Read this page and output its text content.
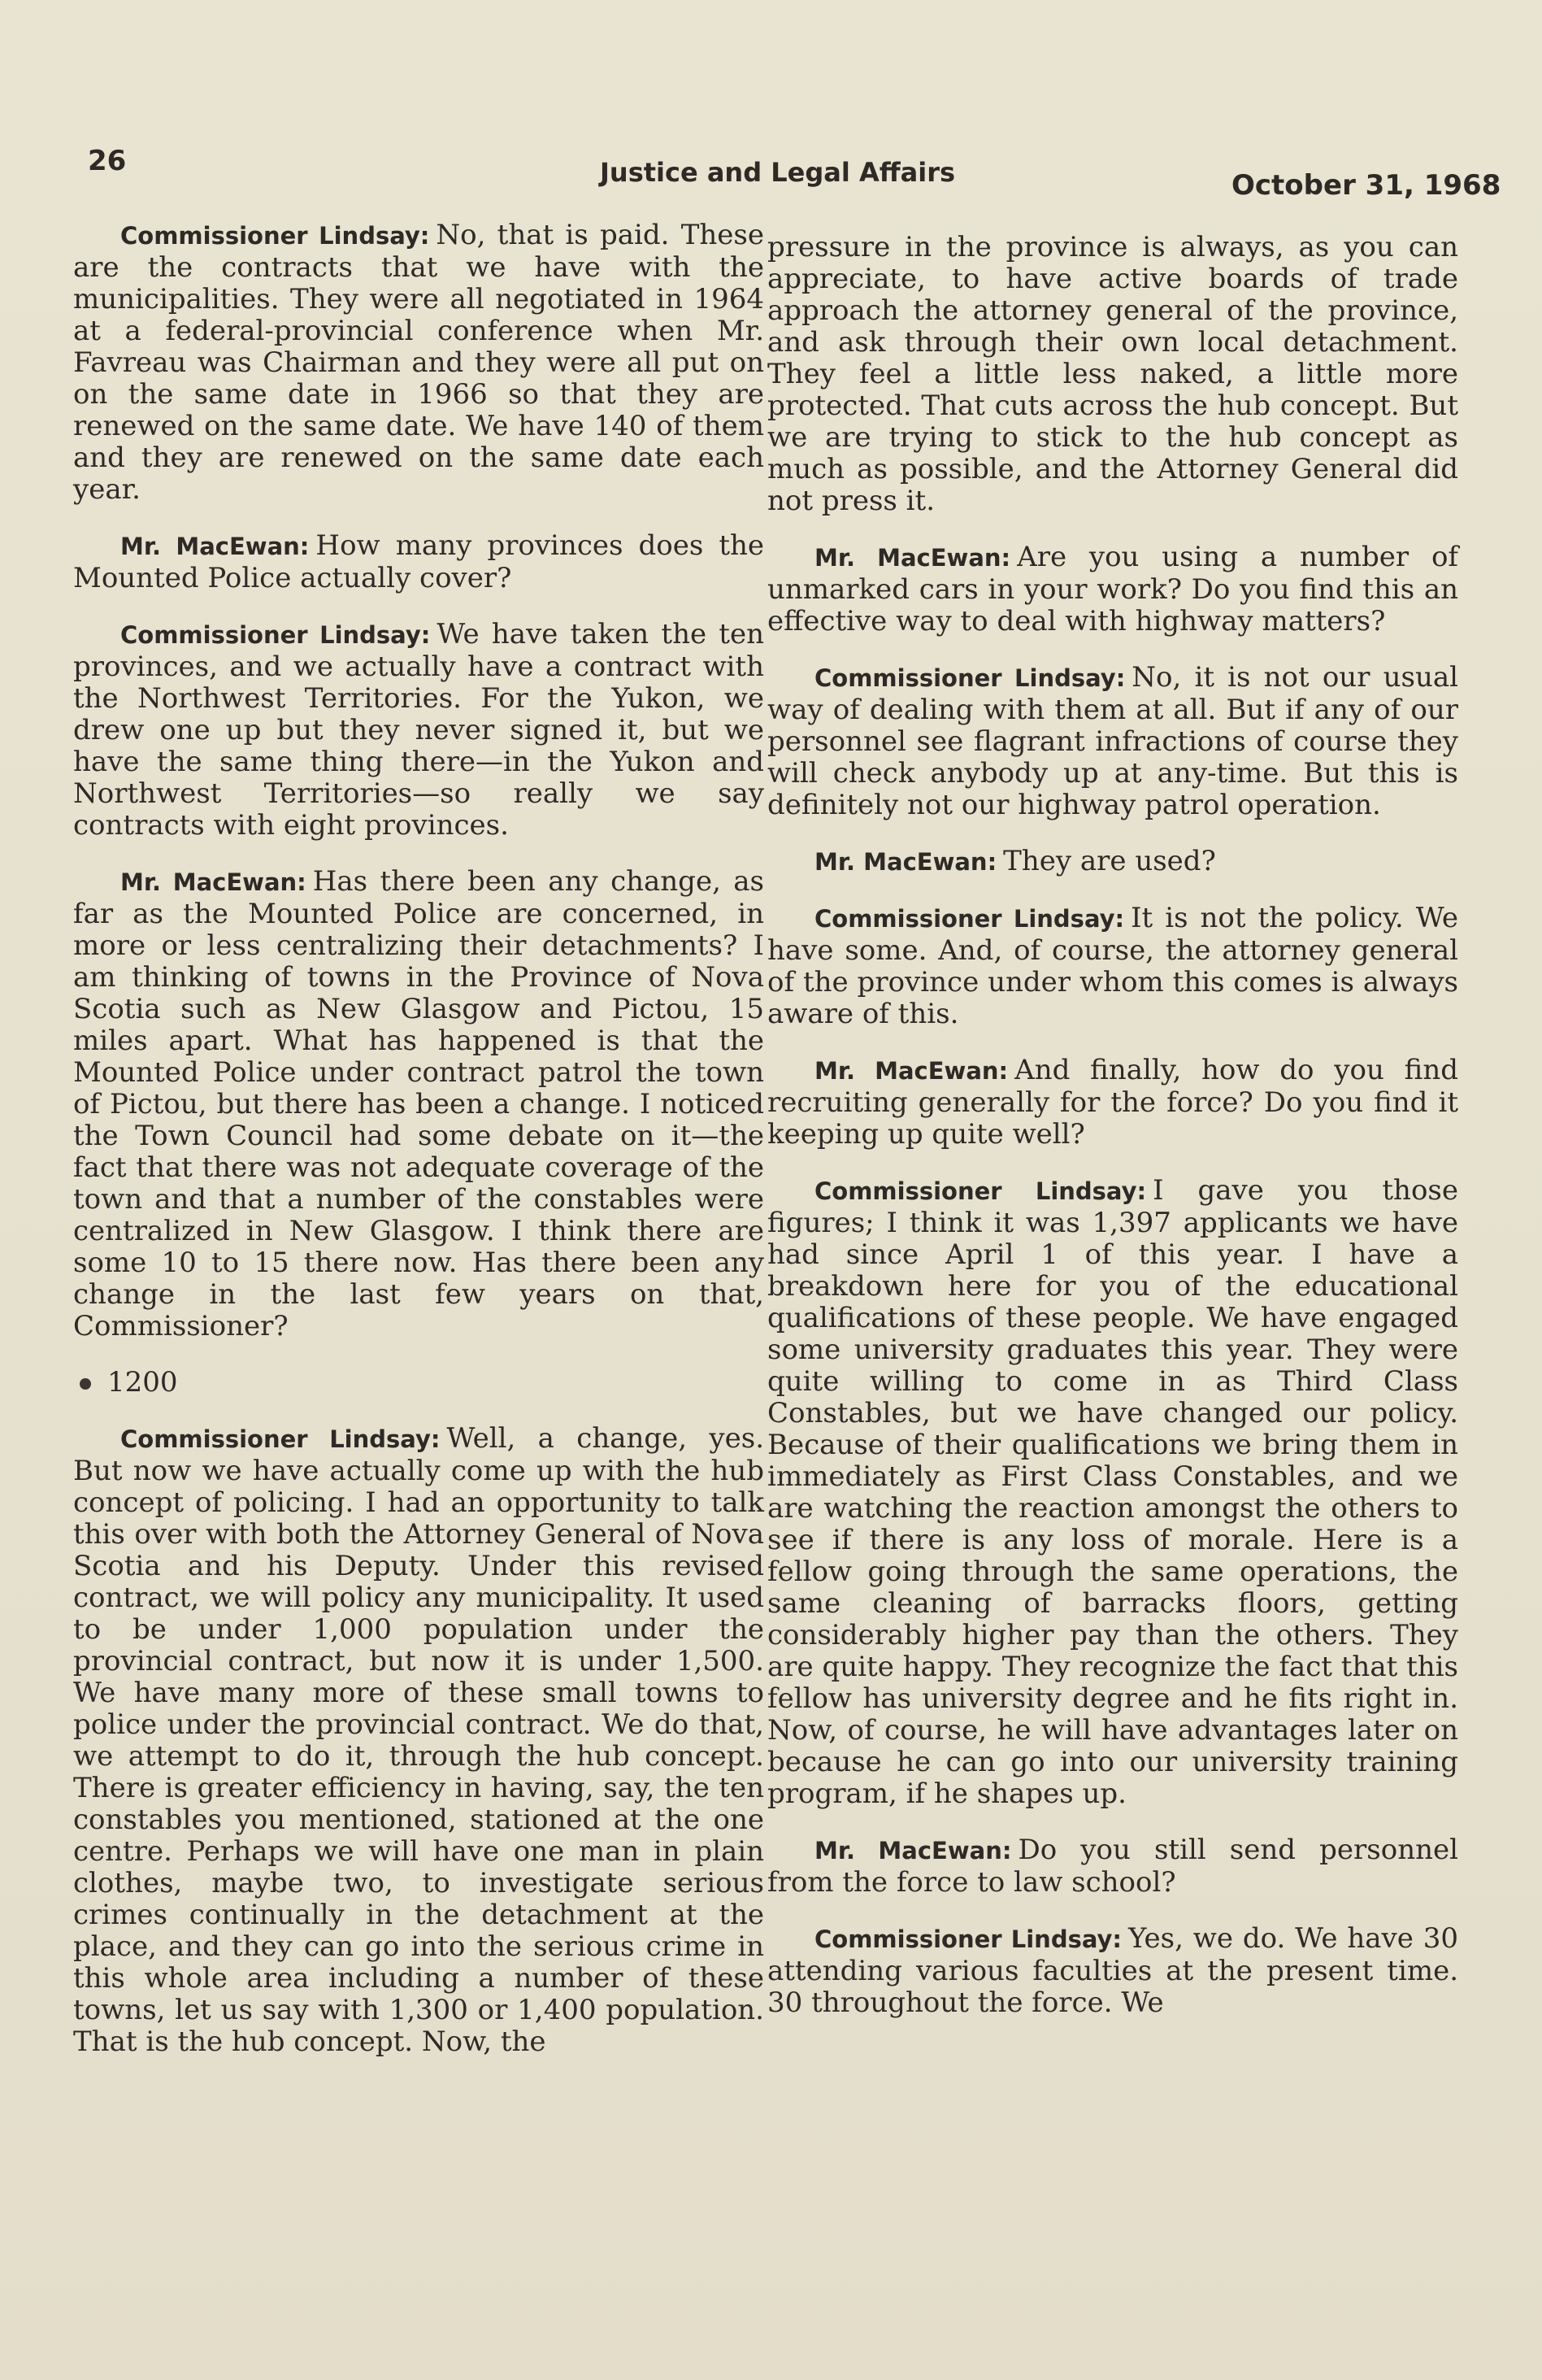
26	Justice and Legal Affairs	October 31, 1968

Commissioner Lindsay: No, that is paid. These are the contracts that we have with the municipalities. They were all negotiated in 1964 at a federal-provincial conference when Mr. Favreau was Chairman and they were all put on on the same date in 1966 so that they are renewed on the same date. We have 140 of them and they are renewed on the same date each year.

Mr. MacEwan: How many provinces does the Mounted Police actually cover?

Commissioner Lindsay: We have taken the ten provinces, and we actually have a contract with the Northwest Territories. For the Yukon, we drew one up but they never signed it, but we have the same thing there—in the Yukon and Northwest Territories—so really we say contracts with eight provinces.

Mr. MacEwan: Has there been any change, as far as the Mounted Police are concerned, in more or less centralizing their detachments? I am thinking of towns in the Province of Nova Scotia such as New Glasgow and Pictou, 15 miles apart. What has happened is that the Mounted Police under contract patrol the town of Pictou, but there has been a change. I noticed the Town Council had some debate on it—the fact that there was not adequate coverage of the town and that a number of the constables were centralized in New Glasgow. I think there are some 10 to 15 there now. Has there been any change in the last few years on that, Commissioner?

1200

Commissioner Lindsay: Well, a change, yes. But now we have actually come up with the hub concept of policing. I had an opportunity to talk this over with both the Attorney General of Nova Scotia and his Deputy. Under this revised contract, we will policy any municipality. It used to be under 1,000 population under the provincial contract, but now it is under 1,500. We have many more of these small towns to police under the provincial contract. We do that, we attempt to do it, through the hub concept. There is greater efficiency in having, say, the ten constables you mentioned, stationed at the one centre. Perhaps we will have one man in plain clothes, maybe two, to investigate serious crimes continually in the detachment at the place, and they can go into the serious crime in this whole area including a number of these towns, let us say with 1,300 or 1,400 population. That is the hub concept. Now, the

pressure in the province is always, as you can appreciate, to have active boards of trade approach the attorney general of the province, and ask through their own local detachment. They feel a little less naked, a little more protected. That cuts across the hub concept. But we are trying to stick to the hub concept as much as possible, and the Attorney General did not press it.

Mr. MacEwan: Are you using a number of unmarked cars in your work? Do you find this an effective way to deal with highway matters?

Commissioner Lindsay: No, it is not our usual way of dealing with them at all. But if any of our personnel see flagrant infractions of course they will check anybody up at any-time. But this is definitely not our highway patrol operation.

Mr. MacEwan: They are used?

Commissioner Lindsay: It is not the policy. We have some. And, of course, the attorney general of the province under whom this comes is always aware of this.

Mr. MacEwan: And finally, how do you find recruiting generally for the force? Do you find it keeping up quite well?

Commissioner Lindsay: I gave you those figures; I think it was 1,397 applicants we have had since April 1 of this year. I have a breakdown here for you of the educational qualifications of these people. We have engaged some university graduates this year. They were quite willing to come in as Third Class Constables, but we have changed our policy. Because of their qualifications we bring them in immediately as First Class Constables, and we are watching the reaction amongst the others to see if there is any loss of morale. Here is a fellow going through the same operations, the same cleaning of barracks floors, getting considerably higher pay than the others. They are quite happy. They recognize the fact that this fellow has university degree and he fits right in. Now, of course, he will have advantages later on because he can go into our university training program, if he shapes up.

Mr. MacEwan: Do you still send personnel from the force to law school?

Commissioner Lindsay: Yes, we do. We have 30 attending various faculties at the present time. 30 throughout the force. We
